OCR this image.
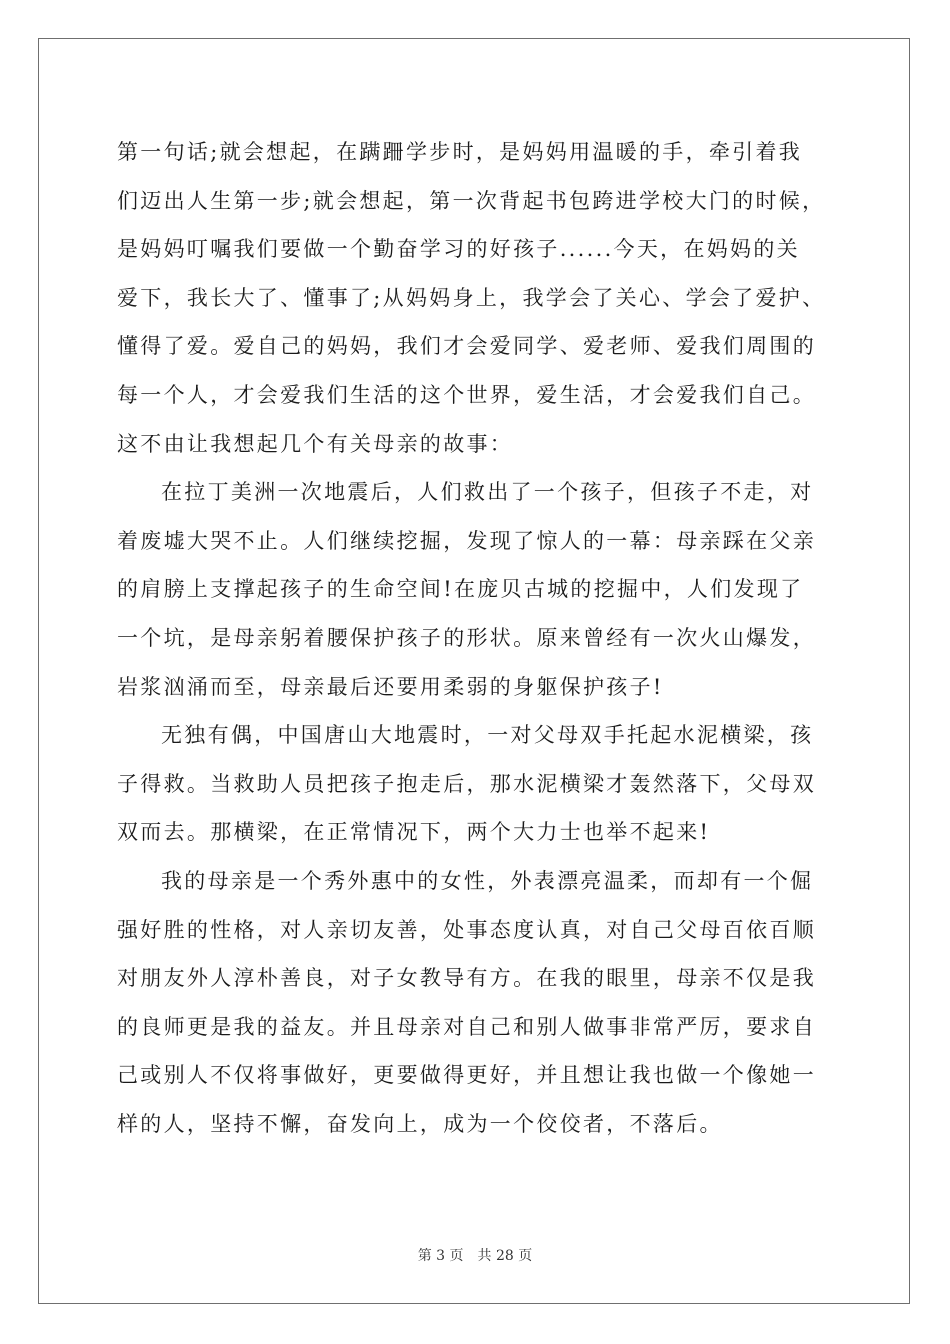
第一句话;就会想起，在蹒跚学步时，是妈妈用温暖的手，牵引着我
们迈出人生第一步;就会想起，第一次背起书包跨进学校大门的时候，
是妈妈叮嘱我们要做一个勤奋学习的好孩子......今天，在妈妈的关
爱下，我长大了、懂事了;从妈妈身上，我学会了关心、学会了爱护、
懂得了爱。爱自己的妈妈，我们才会爱同学、爱老师、爱我们周围的
每一个人，才会爱我们生活的这个世界，爱生活，才会爱我们自己。
这不由让我想起几个有关母亲的故事：
在拉丁美洲一次地震后，人们救出了一个孩子，但孩子不走，对
着废墟大哭不止。人们继续挖掘，发现了惊人的一幕：母亲踩在父亲
的肩膀上支撑起孩子的生命空间!在庞贝古城的挖掘中，人们发现了
一个坑，是母亲躬着腰保护孩子的形状。原来曾经有一次火山爆发，
岩浆汹涌而至，母亲最后还要用柔弱的身躯保护孩子!
无独有偶，中国唐山大地震时，一对父母双手托起水泥横梁，孩
子得救。当救助人员把孩子抱走后，那水泥横梁才轰然落下，父母双
双而去。那横梁，在正常情况下，两个大力士也举不起来!
我的母亲是一个秀外惠中的女性，外表漂亮温柔，而却有一个倔
强好胜的性格，对人亲切友善，处事态度认真，对自己父母百依百顺
对朋友外人淳朴善良，对子女教导有方。在我的眼里，母亲不仅是我
的良师更是我的益友。并且母亲对自己和别人做事非常严厉，要求自
己或别人不仅将事做好，更要做得更好，并且想让我也做一个像她一
样的人，坚持不懈，奋发向上，成为一个佼佼者，不落后。
第 3 页 共 28 页
